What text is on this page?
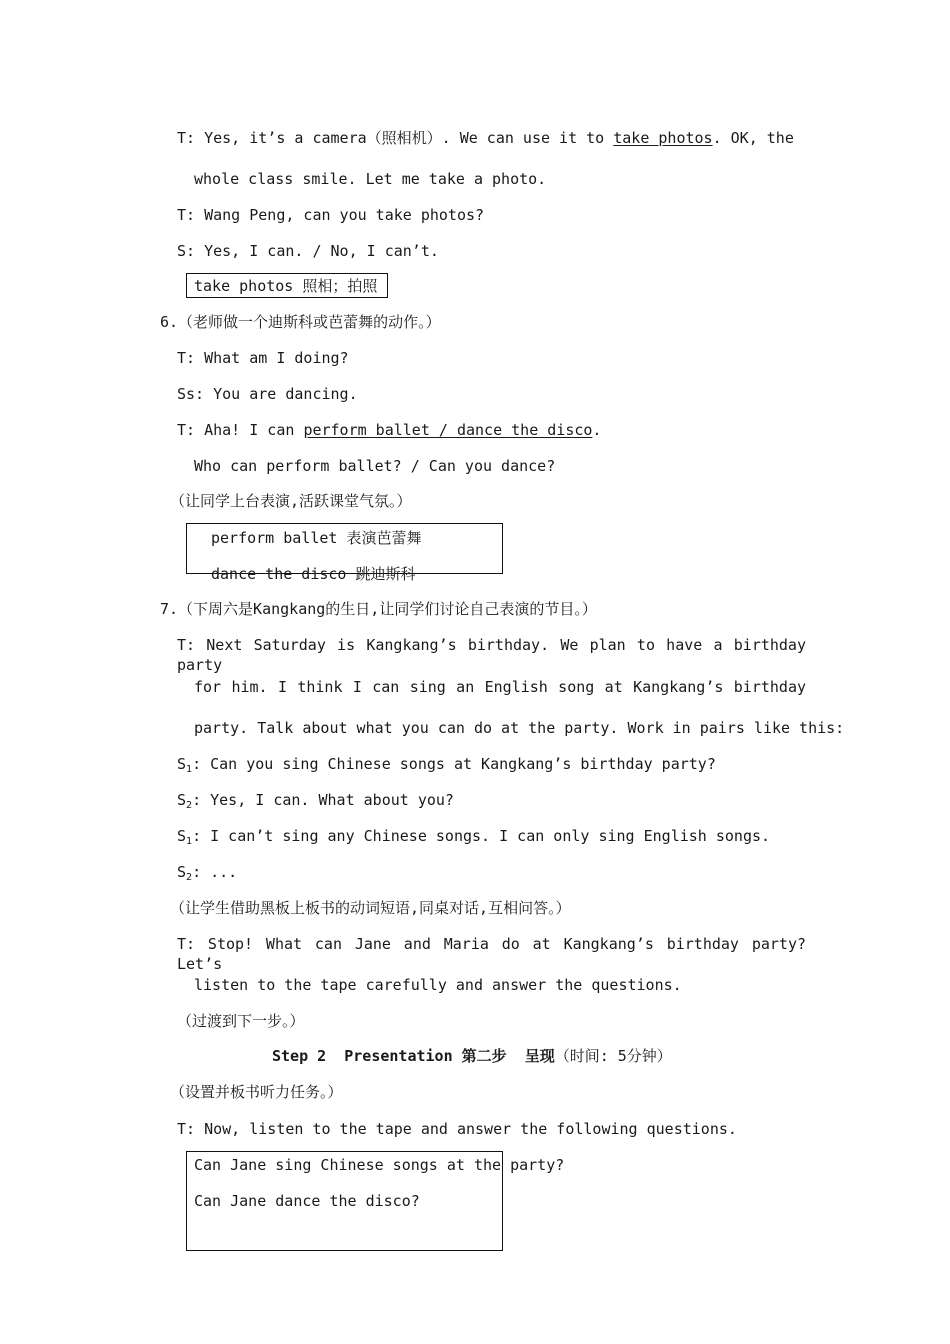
T: Yes, it’s a camera（照相机）. We can use it to take photos. OK, the
whole class smile. Let me take a photo.
T: Wang Peng, can you take photos?
S: Yes, I can. / No, I can’t.
take photos 照相；拍照
6.（老师做一个迪斯科或芭蕾舞的动作。）
T: What am I doing?
Ss: You are dancing.
T: Aha! I can perform ballet / dance the disco.
Who can perform ballet? / Can you dance?
（让同学上台表演,活跃课堂气氛。）
perform ballet 表演芭蕾舞
dance the disco 跳迪斯科
7.（下周六是Kangkang的生日,让同学们讨论自己表演的节目。）
T: Next Saturday is Kangkang’s birthday. We plan to have a birthday party
for him. I think I can sing an English song at Kangkang’s birthday
party. Talk about what you can do at the party. Work in pairs like this:
$S_1$: Can you sing Chinese songs at Kangkang’s birthday party?
$S_2$: Yes, I can. What about you?
$S_1$: I can’t sing any Chinese songs. I can only sing English songs.
$S_2$: ...
（让学生借助黑板上板书的动词短语,同桌对话,互相问答。）
T: Stop! What can Jane and Maria do at Kangkang’s birthday party? Let’s
listen to the tape carefully and answer the questions.
（过渡到下一步。）
Step 2  Presentation 第二步  呈现（时间: 5分钟）
（设置并板书听力任务。）
T: Now, listen to the tape and answer the following questions.
Can Jane sing Chinese songs at the party?
Can Jane dance the disco?
